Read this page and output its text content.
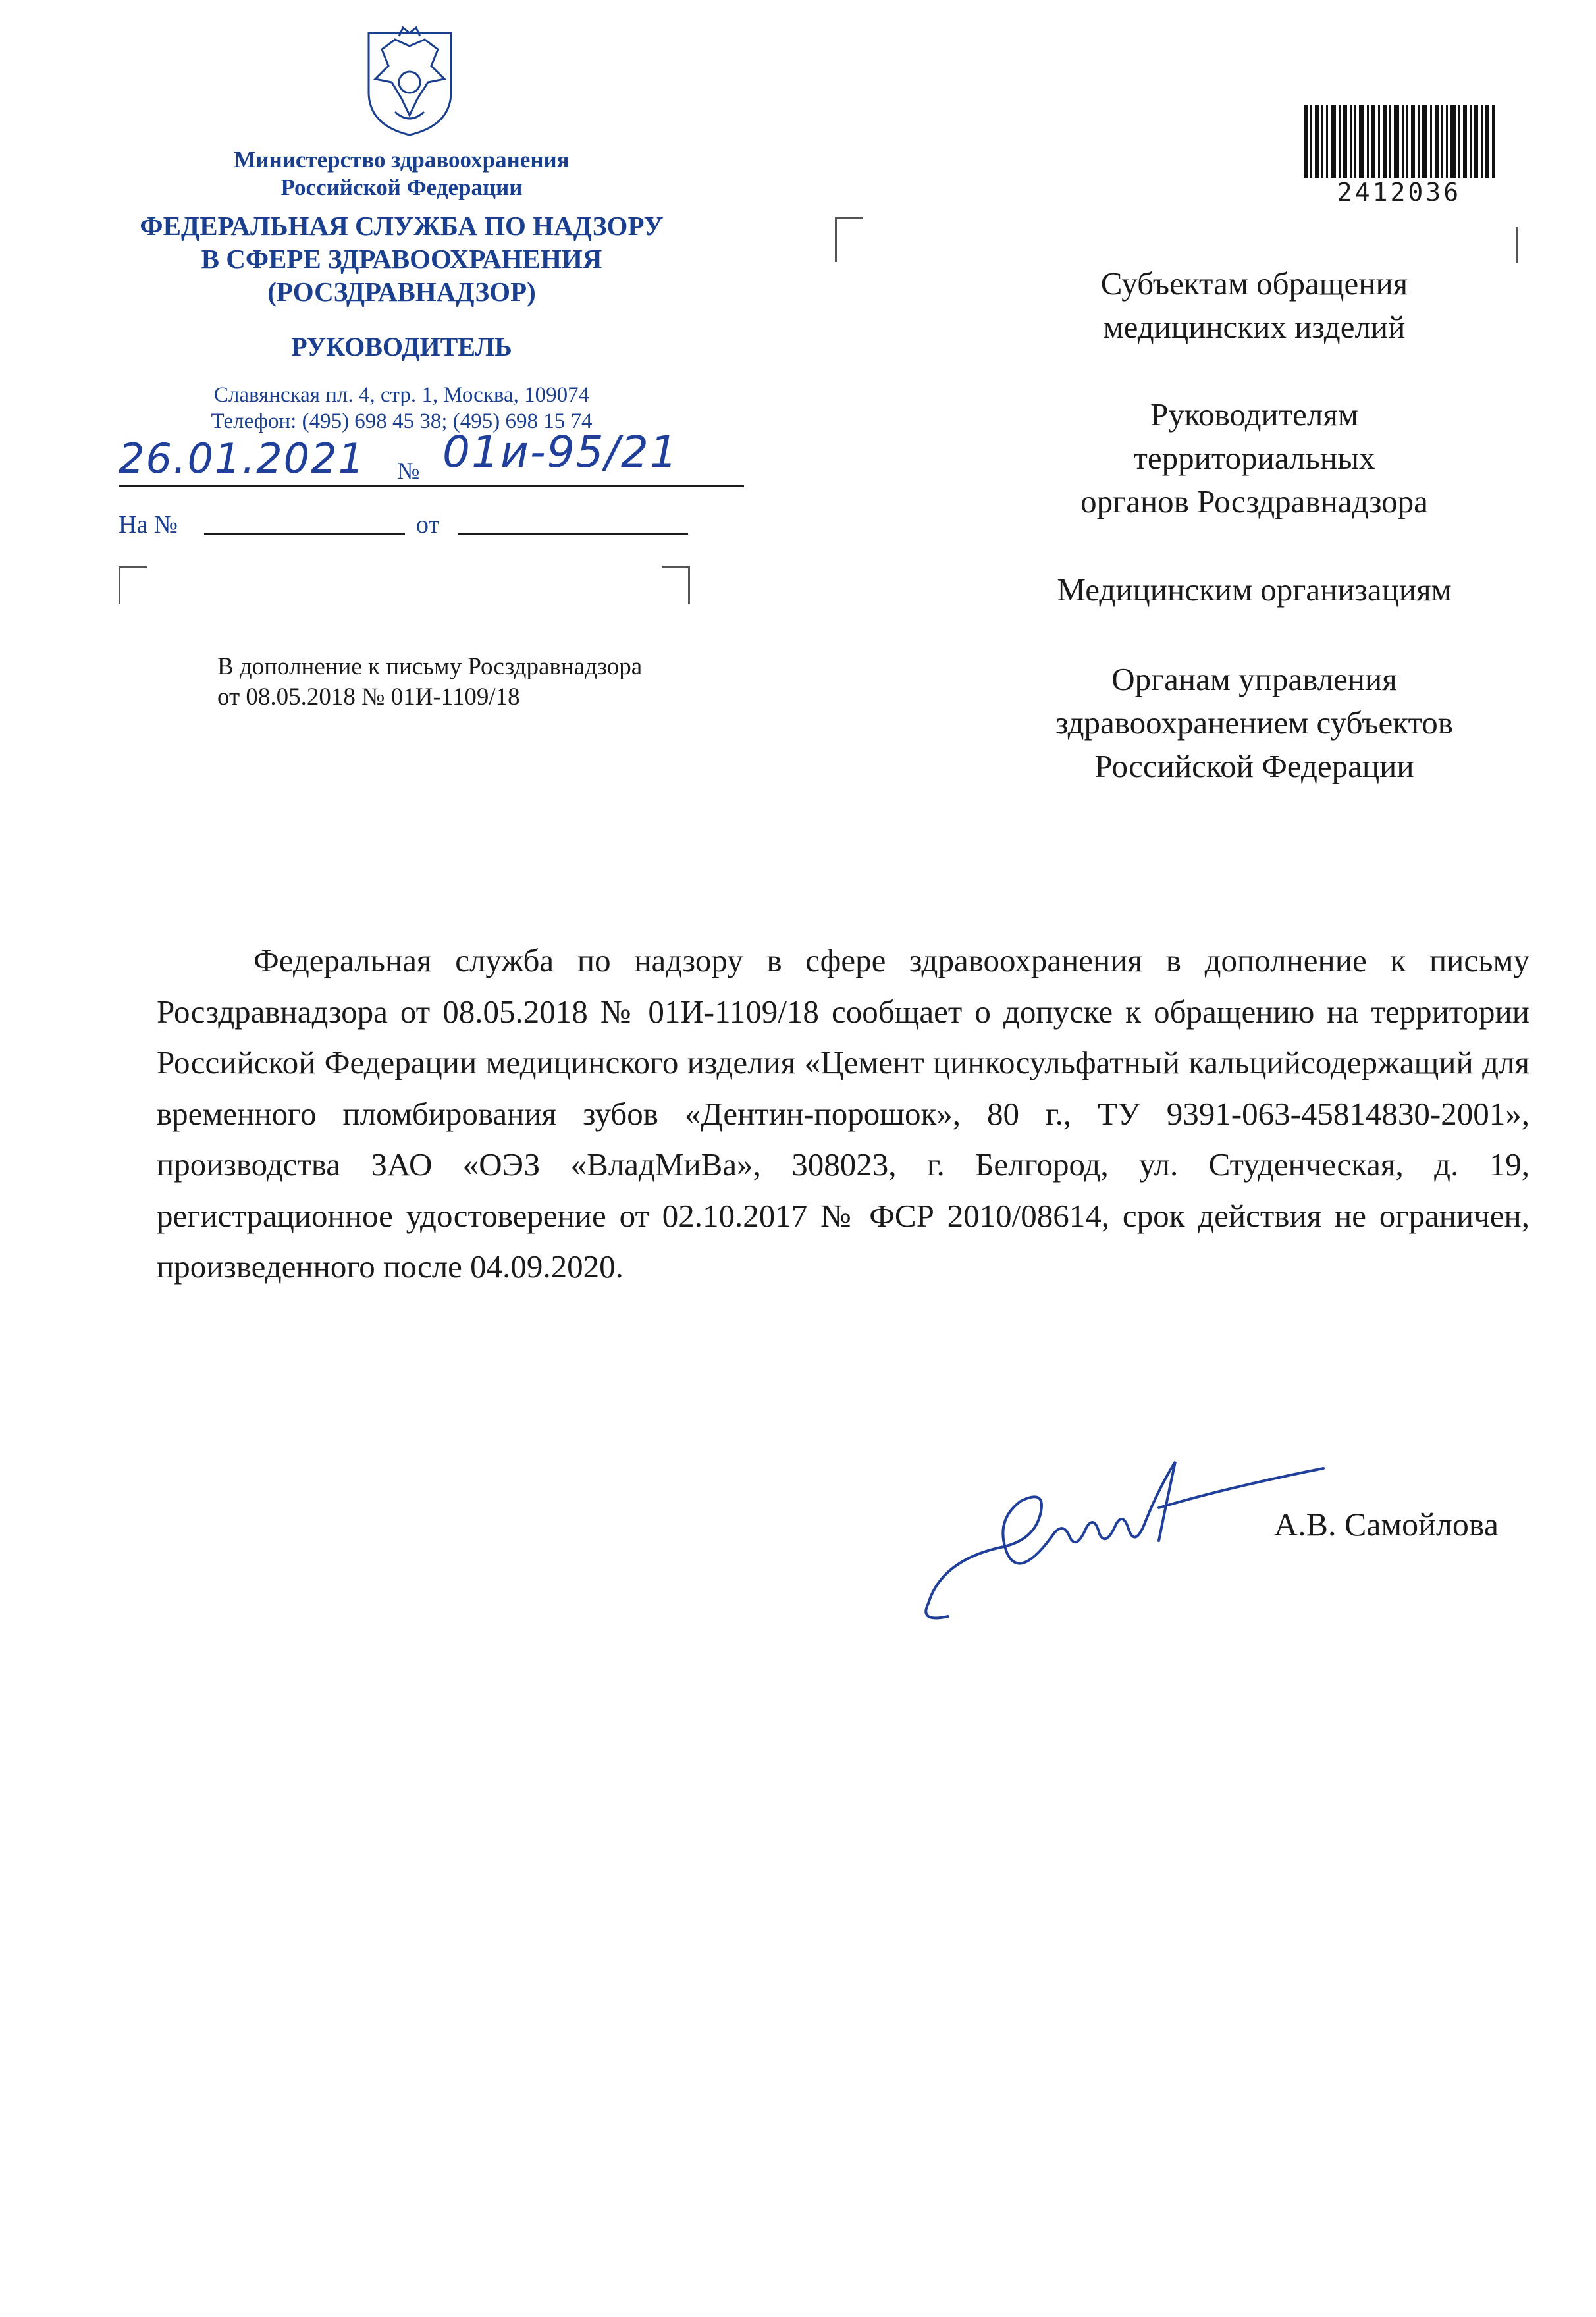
Министерство здравоохранения
Российской Федерации
ФЕДЕРАЛЬНАЯ СЛУЖБА ПО НАДЗОРУ
В СФЕРЕ ЗДРАВООХРАНЕНИЯ
(РОСЗДРАВНАДЗОР)
РУКОВОДИТЕЛЬ
Славянская пл. 4, стр. 1, Москва, 109074
Телефон: (495) 698 45 38; (495) 698 15 74
26.01.2021 № 01и-95/21
На №	от
В дополнение к письму Росздравнадзора
от 08.05.2018 № 01И-1109/18
2412036
Субъектам обращения
медицинских изделий
Руководителям
территориальных
органов Росздравнадзора
Медицинским организациям
Органам управления
здравоохранением субъектов
Российской Федерации
Федеральная служба по надзору в сфере здравоохранения в дополнение к письму Росздравнадзора от 08.05.2018 № 01И-1109/18 сообщает о допуске к обращению на территории Российской Федерации медицинского изделия «Цемент цинкосульфатный кальцийсодержащий для временного пломбирования зубов «Дентин-порошок», 80 г., ТУ 9391-063-45814830-2001», производства ЗАО «ОЭЗ «ВладМиВа», 308023, г. Белгород, ул. Студенческая, д. 19, регистрационное удостоверение от 02.10.2017 № ФСР 2010/08614, срок действия не ограничен, произведенного после 04.09.2020.
А.В. Самойлова
